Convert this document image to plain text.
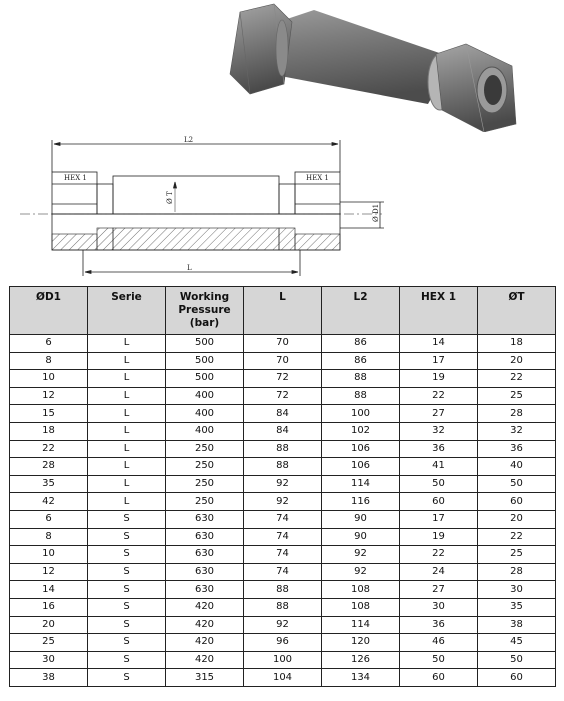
L2
L
HEX 1	HEX 1
Ø T
Ø D1
ØD1	Serie	Working Pressure (bar)	L	L2	HEX 1	ØT
6	L	500	70	86	14	18
8	L	500	70	86	17	20
10	L	500	72	88	19	22
12	L	400	72	88	22	25
15	L	400	84	100	27	28
18	L	400	84	102	32	32
22	L	250	88	106	36	36
28	L	250	88	106	41	40
35	L	250	92	114	50	50
42	L	250	92	116	60	60
6	S	630	74	90	17	20
8	S	630	74	90	19	22
10	S	630	74	92	22	25
12	S	630	74	92	24	28
14	S	630	88	108	27	30
16	S	420	88	108	30	35
20	S	420	92	114	36	38
25	S	420	96	120	46	45
30	S	420	100	126	50	50
38	S	315	104	134	60	60
